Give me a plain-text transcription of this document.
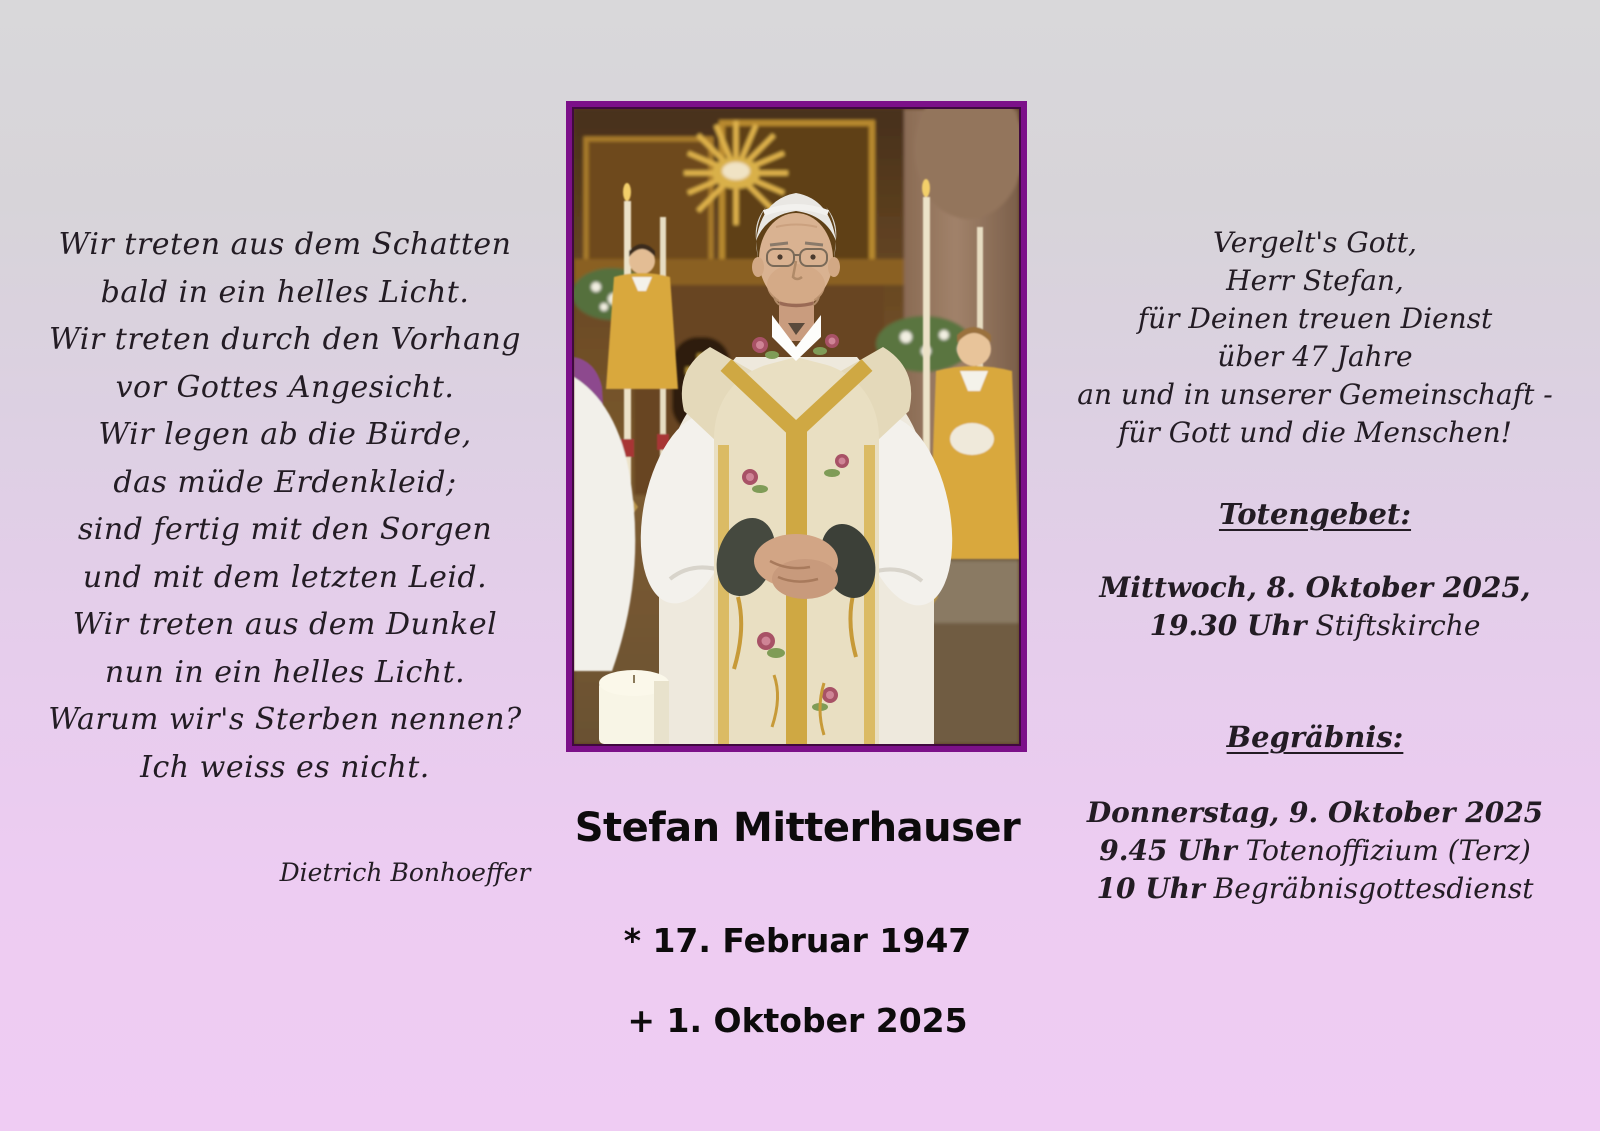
Wir treten aus dem Schatten
bald in ein helles Licht.
Wir treten durch den Vorhang
vor Gottes Angesicht.
Wir legen ab die Bürde,
das müde Erdenkleid;
sind fertig mit den Sorgen
und mit dem letzten Leid.
Wir treten aus dem Dunkel
nun in ein helles Licht.
Warum wir's Sterben nennen?
Ich weiss es nicht.
Dietrich Bonhoeffer
Stefan Mitterhauser
* 17. Februar 1947
+ 1. Oktober 2025
Vergelt's Gott,
Herr Stefan,
für Deinen treuen Dienst
über 47 Jahre
an und in unserer Gemeinschaft -
für Gott und die Menschen!
Totengebet:
Mittwoch, 8. Oktober 2025,
19.30 Uhr Stiftskirche
Begräbnis:
Donnerstag, 9. Oktober 2025
9.45 Uhr Totenoffizium (Terz)
10 Uhr Begräbnisgottesdienst
